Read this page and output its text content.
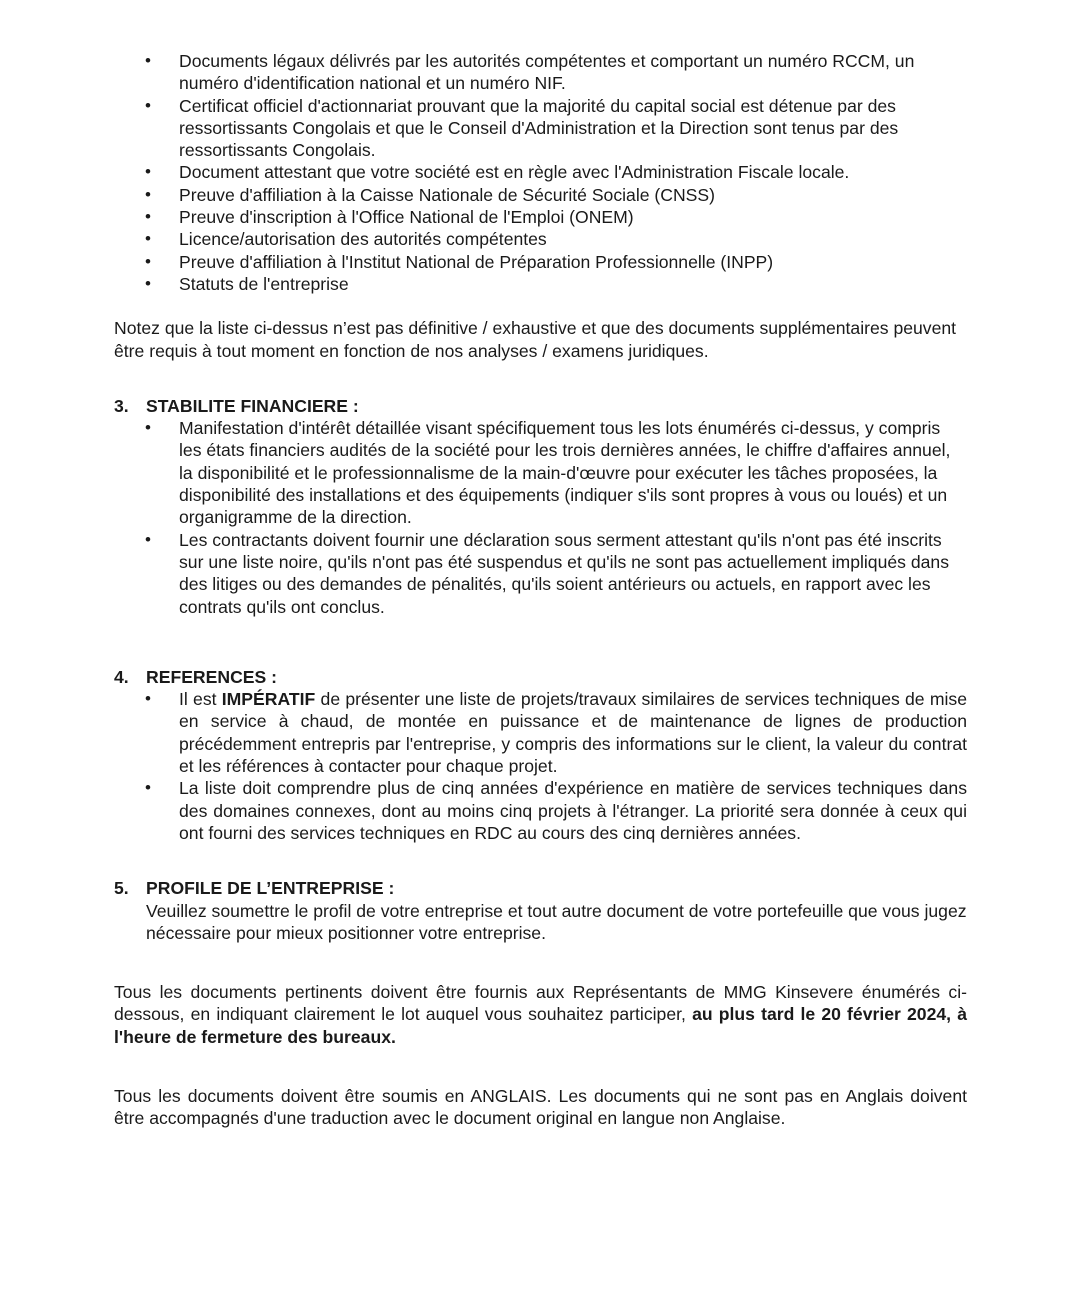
• Documents légaux délivrés par les autorités compétentes et comportant un numéro RCCM, un numéro d'identification national et un numéro NIF.
• Certificat officiel d'actionnariat prouvant que la majorité du capital social est détenue par des ressortissants Congolais et que le Conseil d'Administration et la Direction sont tenus par des ressortissants Congolais.
• Document attestant que votre société est en règle avec l'Administration Fiscale locale.
• Preuve d'affiliation à la Caisse Nationale de Sécurité Sociale (CNSS)
• Preuve d'inscription à l'Office National de l'Emploi (ONEM)
• Licence/autorisation des autorités compétentes
• Preuve d'affiliation à l'Institut National de Préparation Professionnelle (INPP)
• Statuts de l'entreprise

Notez que la liste ci-dessus n’est pas définitive / exhaustive et que des documents supplémentaires peuvent être requis à tout moment en fonction de nos analyses / examens juridiques.

3. STABILITE FINANCIERE :
• Manifestation d'intérêt détaillée visant spécifiquement tous les lots énumérés ci-dessus, y compris les états financiers audités de la société pour les trois dernières années, le chiffre d'affaires annuel, la disponibilité et le professionnalisme de la main-d'œuvre pour exécuter les tâches proposées, la disponibilité des installations et des équipements (indiquer s'ils sont propres à vous ou loués) et un organigramme de la direction.
• Les contractants doivent fournir une déclaration sous serment attestant qu'ils n'ont pas été inscrits sur une liste noire, qu'ils n'ont pas été suspendus et qu'ils ne sont pas actuellement impliqués dans des litiges ou des demandes de pénalités, qu'ils soient antérieurs ou actuels, en rapport avec les contrats qu'ils ont conclus.
4. REFERENCES :
• Il est IMPÉRATIF de présenter une liste de projets/travaux similaires de services techniques de mise en service à chaud, de montée en puissance et de maintenance de lignes de production précédemment entrepris par l'entreprise, y compris des informations sur le client, la valeur du contrat et les références à contacter pour chaque projet.
• La liste doit comprendre plus de cinq années d'expérience en matière de services techniques dans des domaines connexes, dont au moins cinq projets à l'étranger. La priorité sera donnée à ceux qui ont fourni des services techniques en RDC au cours des cinq dernières années.
5. PROFILE DE L’ENTREPRISE :

Veuillez soumettre le profil de votre entreprise et tout autre document de votre portefeuille que vous jugez nécessaire pour mieux positionner votre entreprise.

Tous les documents pertinents doivent être fournis aux Représentants de MMG Kinsevere énumérés ci-dessous, en indiquant clairement le lot auquel vous souhaitez participer, au plus tard le 20 février 2024, à l'heure de fermeture des bureaux.

Tous les documents doivent être soumis en ANGLAIS. Les documents qui ne sont pas en Anglais doivent être accompagnés d'une traduction avec le document original en langue non Anglaise.
